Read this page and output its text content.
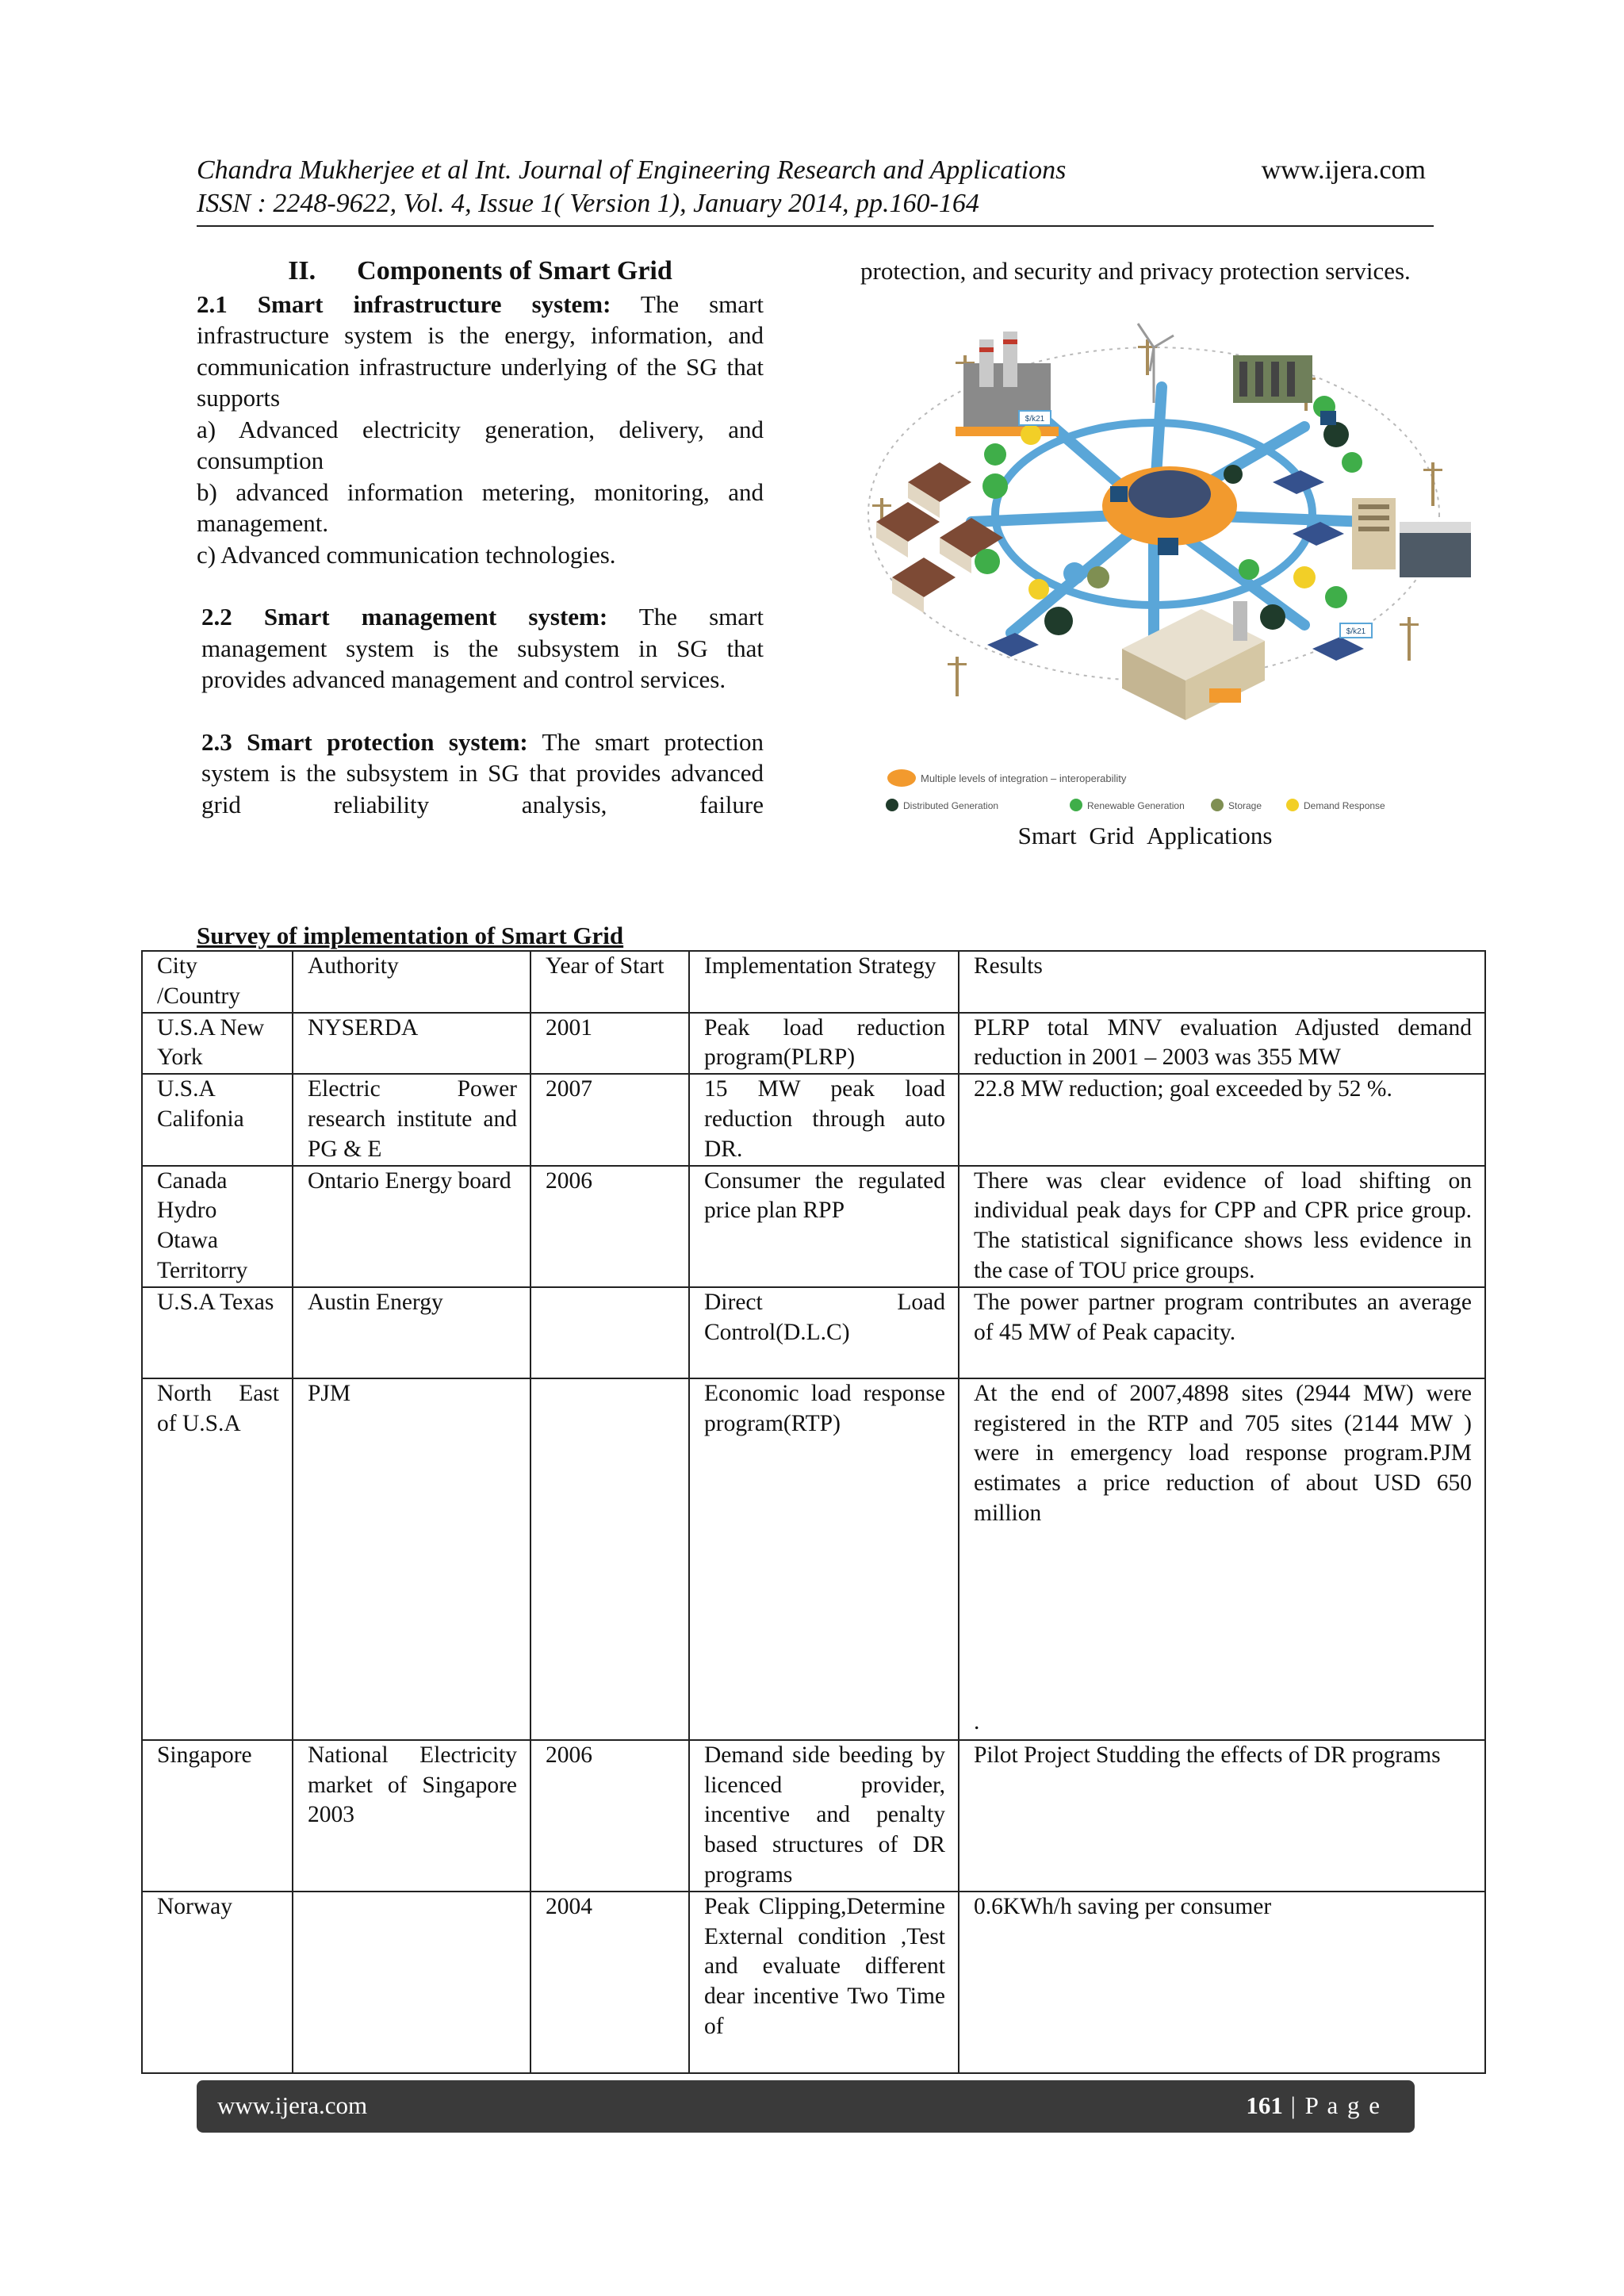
Chandra Mukherjee et al Int. Journal of Engineering Research and Applications	www.ijera.com
ISSN : 2248-9622, Vol. 4, Issue 1( Version 1), January 2014, pp.160-164
II. Components of Smart Grid

2.1 Smart infrastructure system: The smart infrastructure system is the energy, information, and communication infrastructure underlying of the SG that supports

a) Advanced electricity generation, delivery, and consumption

b) advanced information metering, monitoring, and management.

c) Advanced communication technologies.

2.2 Smart management system: The smart management system is the subsystem in SG that provides advanced management and control services.

2.3 Smart protection system: The smart protection system is the subsystem in SG that provides advanced grid reliability analysis, failure

protection, and security and privacy protection services.
$/k21
$/k21
Multiple levels of integration – interoperability
Distributed Generation	Renewable Generation	Storage	Demand Response
Smart Grid Applications
Survey of implementation of Smart Grid
City /Country	Authority	Year of Start	Implementation Strategy	Results
U.S.A New York	NYSERDA	2001	Peak load reduction program(PLRP)	PLRP total MNV evaluation Adjusted demand reduction in 2001 – 2003 was 355 MW
U.S.A Califonia	Electric Power research institute and PG & E	2007	15 MW peak load reduction through auto DR.	22.8 MW reduction; goal exceeded by 52 %.
Canada Hydro Otawa Territorry	Ontario Energy board	2006	Consumer the regulated price plan RPP	There was clear evidence of load shifting on individual peak days for CPP and CPR price group. The statistical significance shows less evidence in the case of TOU price groups.
U.S.A Texas	Austin Energy		Direct Load Control(D.L.C)	The power partner program contributes an average of 45 MW of Peak capacity.
North East of U.S.A	PJM		Economic load response program(RTP)	At the end of 2007,4898 sites (2944 MW) were registered in the RTP and 705 sites (2144 MW ) were in emergency load response program.PJM estimates a price reduction of about USD 650 million
.

Singapore	National Electricity market of Singapore 2003	2006	Demand side beeding by licenced provider, incentive and penalty based structures of DR programs	Pilot Project Studding the effects of DR programs
Norway		2004	Peak Clipping,Determine External condition ,Test and evaluate different dear incentive Two Time of	0.6KWh/h saving per consumer
www.ijera.com	161 | P a g e
